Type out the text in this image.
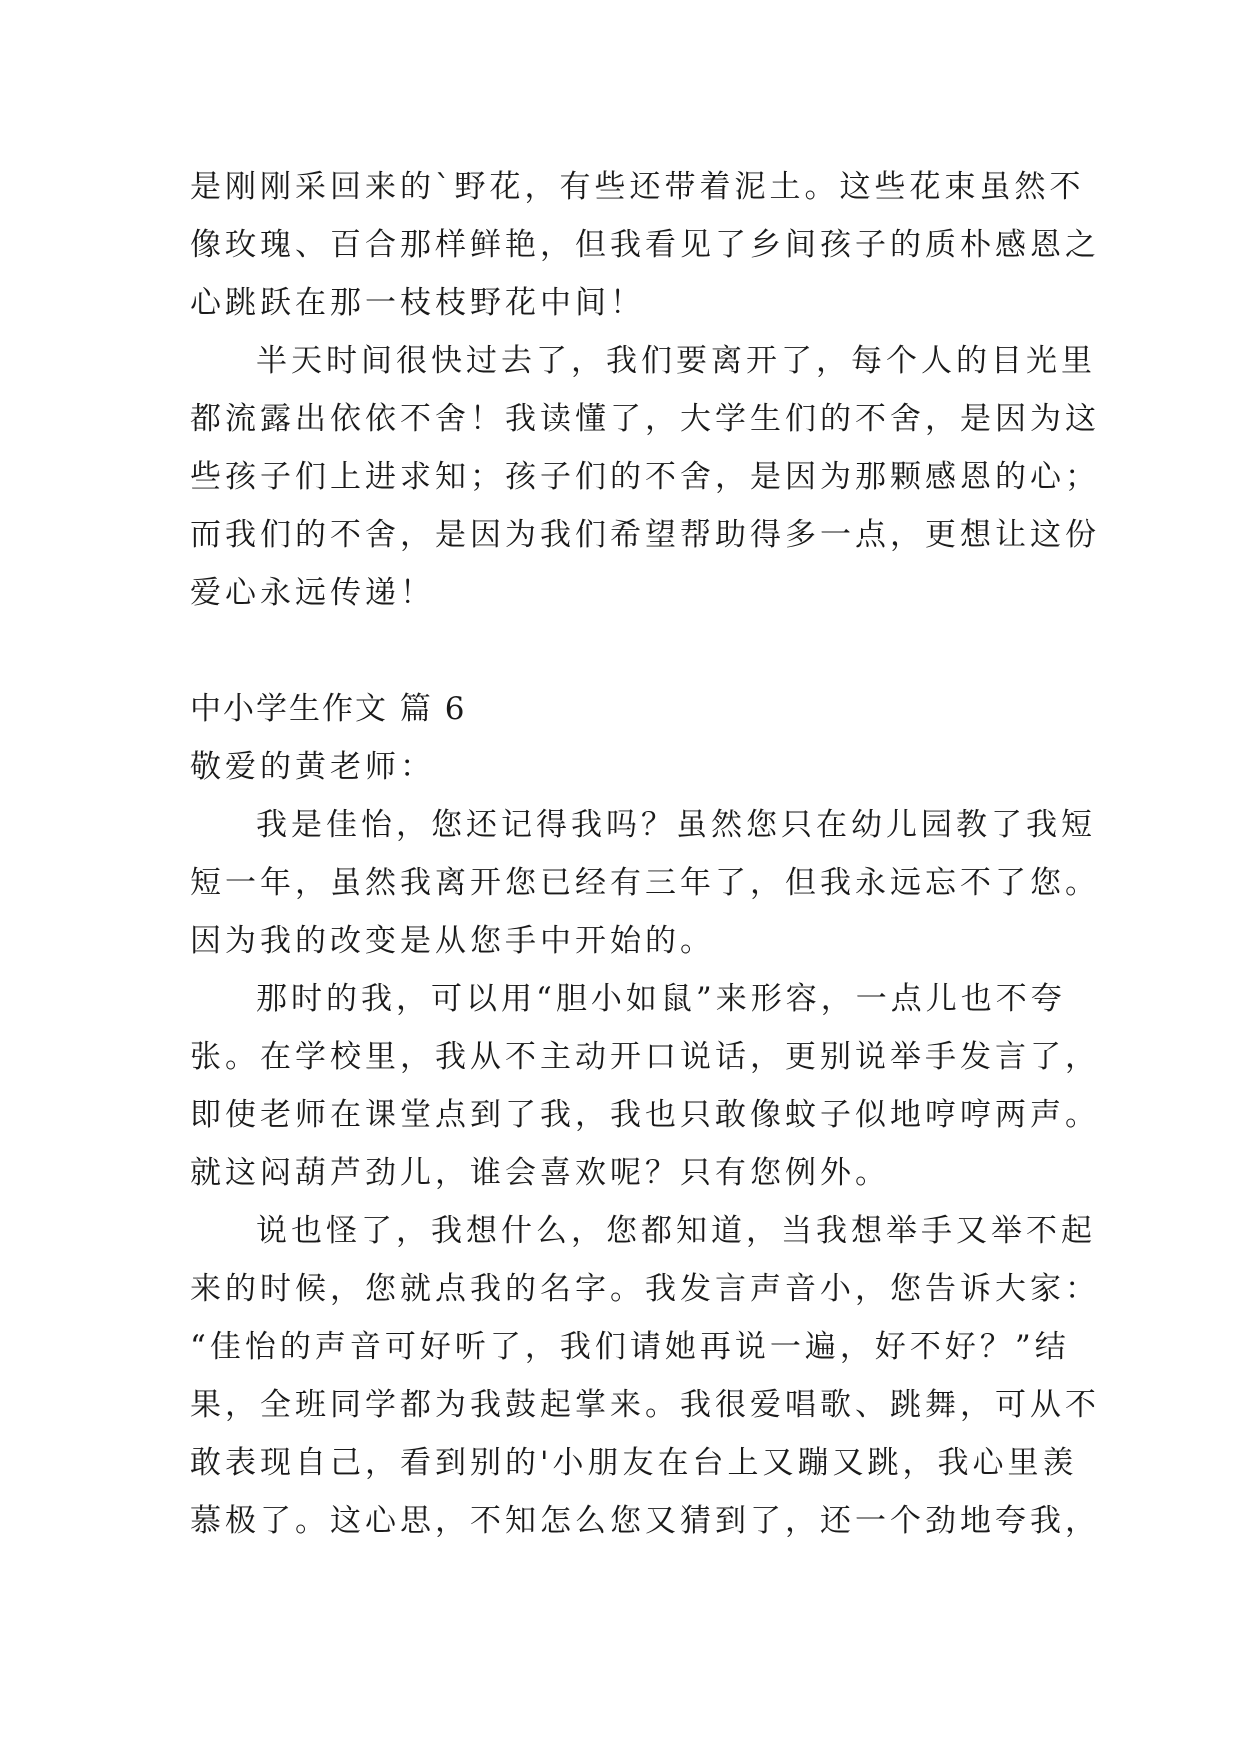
是刚刚采回来的`野花，有些还带着泥土。这些花束虽然不
像玫瑰、百合那样鲜艳，但我看见了乡间孩子的质朴感恩之
心跳跃在那一枝枝野花中间！
半天时间很快过去了，我们要离开了，每个人的目光里
都流露出依依不舍！我读懂了，大学生们的不舍，是因为这
些孩子们上进求知；孩子们的不舍，是因为那颗感恩的心；
而我们的不舍，是因为我们希望帮助得多一点，更想让这份
爱心永远传递！
中小学生作文 篇 6
敬爱的黄老师：
我是佳怡，您还记得我吗？虽然您只在幼儿园教了我短
短一年，虽然我离开您已经有三年了，但我永远忘不了您。
因为我的改变是从您手中开始的。
那时的我，可以用“胆小如鼠”来形容，一点儿也不夸
张。在学校里，我从不主动开口说话，更别说举手发言了，
即使老师在课堂点到了我，我也只敢像蚊子似地哼哼两声。
就这闷葫芦劲儿，谁会喜欢呢？只有您例外。
说也怪了，我想什么，您都知道，当我想举手又举不起
来的时候，您就点我的名字。我发言声音小，您告诉大家：
“佳怡的声音可好听了，我们请她再说一遍，好不好？”结
果，全班同学都为我鼓起掌来。我很爱唱歌、跳舞，可从不
敢表现自己，看到别的'小朋友在台上又蹦又跳，我心里羡
慕极了。这心思，不知怎么您又猜到了，还一个劲地夸我，
